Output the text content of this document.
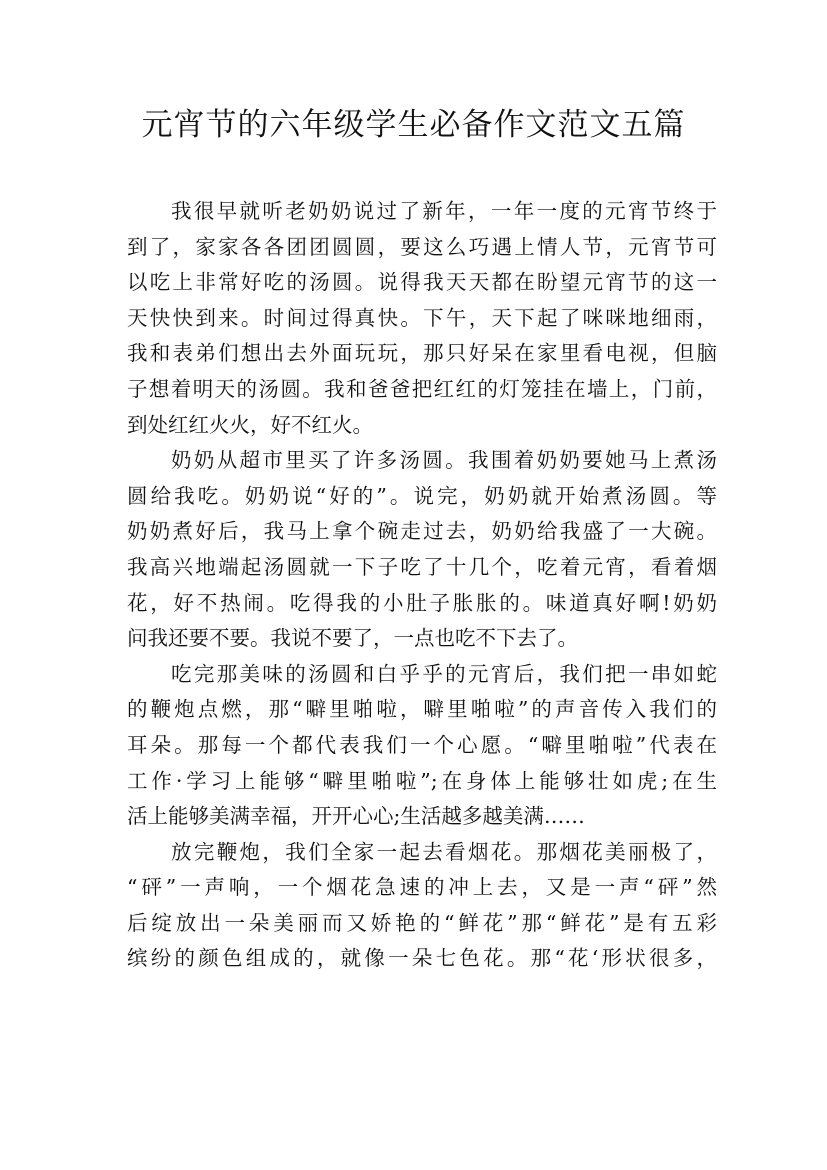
元宵节的六年级学生必备作文范文五篇
我很早就听老奶奶说过了新年，一年一度的元宵节终于
到了，家家各各团团圆圆，要这么巧遇上情人节，元宵节可
以吃上非常好吃的汤圆。说得我天天都在盼望元宵节的这一
天快快到来。时间过得真快。下午，天下起了咪咪地细雨，
我和表弟们想出去外面玩玩，那只好呆在家里看电视，但脑
子想着明天的汤圆。我和爸爸把红红的灯笼挂在墙上，门前，
到处红红火火，好不红火。
奶奶从超市里买了许多汤圆。我围着奶奶要她马上煮汤
圆给我吃。奶奶说“好的”。说完，奶奶就开始煮汤圆。等
奶奶煮好后，我马上拿个碗走过去，奶奶给我盛了一大碗。
我高兴地端起汤圆就一下子吃了十几个，吃着元宵，看着烟
花，好不热闹。吃得我的小肚子胀胀的。味道真好啊!奶奶
问我还要不要。我说不要了，一点也吃不下去了。
吃完那美味的汤圆和白乎乎的元宵后，我们把一串如蛇
的鞭炮点燃，那“噼里啪啦，噼里啪啦”的声音传入我们的
耳朵。那每一个都代表我们一个心愿。“噼里啪啦”代表在
工作·学习上能够“噼里啪啦”;在身体上能够壮如虎;在生
活上能够美满幸福，开开心心;生活越多越美满……
放完鞭炮，我们全家一起去看烟花。那烟花美丽极了，
“砰”一声响，一个烟花急速的冲上去，又是一声“砰”然
后绽放出一朵美丽而又娇艳的“鲜花”那“鲜花”是有五彩
缤纷的颜色组成的，就像一朵七色花。那“花‘形状很多，
